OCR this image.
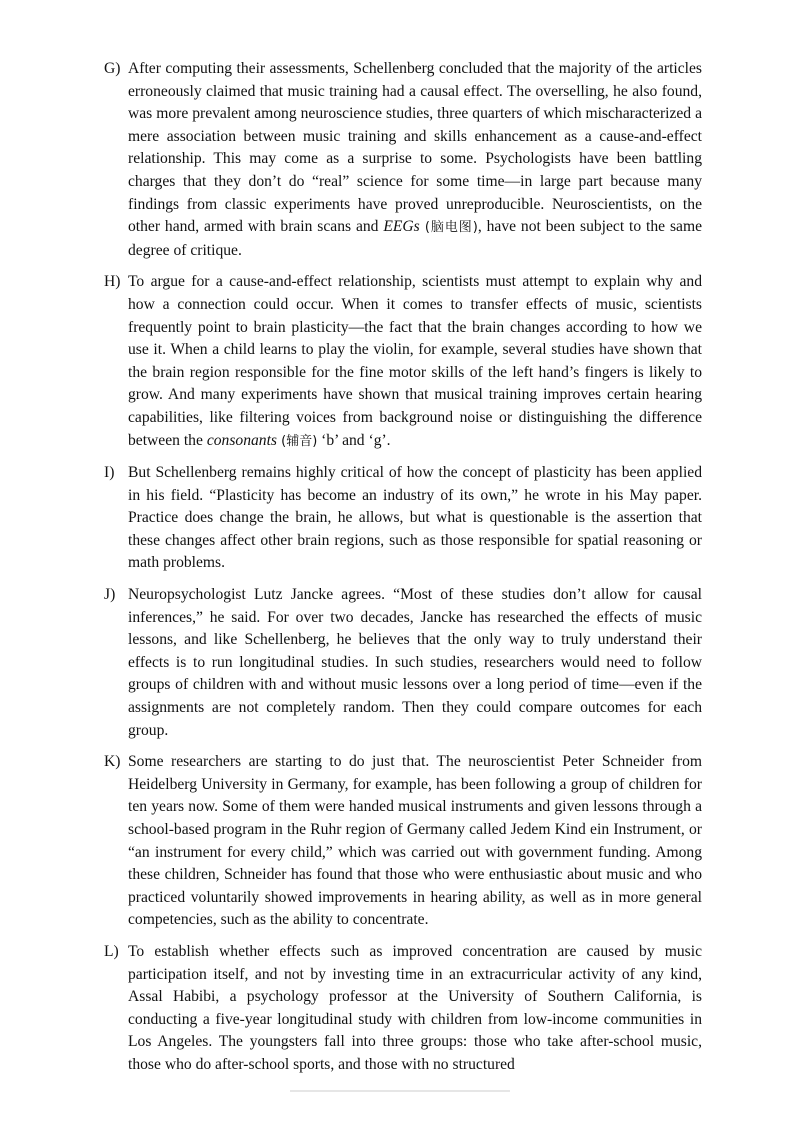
G) After computing their assessments, Schellenberg concluded that the majority of the articles erroneously claimed that music training had a causal effect. The overselling, he also found, was more prevalent among neuroscience studies, three quarters of which mischaracterized a mere association between music training and skills enhancement as a cause-and-effect relationship. This may come as a surprise to some. Psychologists have been battling charges that they don’t do “real” science for some time—in large part because many findings from classic experiments have proved unreproducible. Neuroscientists, on the other hand, armed with brain scans and EEGs (脑电图), have not been subject to the same degree of critique.
H) To argue for a cause-and-effect relationship, scientists must attempt to explain why and how a connection could occur. When it comes to transfer effects of music, scientists frequently point to brain plasticity—the fact that the brain changes according to how we use it. When a child learns to play the violin, for example, several studies have shown that the brain region responsible for the fine motor skills of the left hand’s fingers is likely to grow. And many experiments have shown that musical training improves certain hearing capabilities, like filtering voices from background noise or distinguishing the difference between the consonants (辅音) ‘b’ and ‘g’.
I) But Schellenberg remains highly critical of how the concept of plasticity has been applied in his field. “Plasticity has become an industry of its own,” he wrote in his May paper. Practice does change the brain, he allows, but what is questionable is the assertion that these changes affect other brain regions, such as those responsible for spatial reasoning or math problems.
J) Neuropsychologist Lutz Jancke agrees. “Most of these studies don’t allow for causal inferences,” he said. For over two decades, Jancke has researched the effects of music lessons, and like Schellenberg, he believes that the only way to truly understand their effects is to run longitudinal studies. In such studies, researchers would need to follow groups of children with and without music lessons over a long period of time—even if the assignments are not completely random. Then they could compare outcomes for each group.
K) Some researchers are starting to do just that. The neuroscientist Peter Schneider from Heidelberg University in Germany, for example, has been following a group of children for ten years now. Some of them were handed musical instruments and given lessons through a school-based program in the Ruhr region of Germany called Jedem Kind ein Instrument, or “an instrument for every child,” which was carried out with government funding. Among these children, Schneider has found that those who were enthusiastic about music and who practiced voluntarily showed improvements in hearing ability, as well as in more general competencies, such as the ability to concentrate.
L) To establish whether effects such as improved concentration are caused by music participation itself, and not by investing time in an extracurricular activity of any kind, Assal Habibi, a psychology professor at the University of Southern California, is conducting a five-year longitudinal study with children from low-income communities in Los Angeles. The youngsters fall into three groups: those who take after-school music, those who do after-school sports, and those with no structured
